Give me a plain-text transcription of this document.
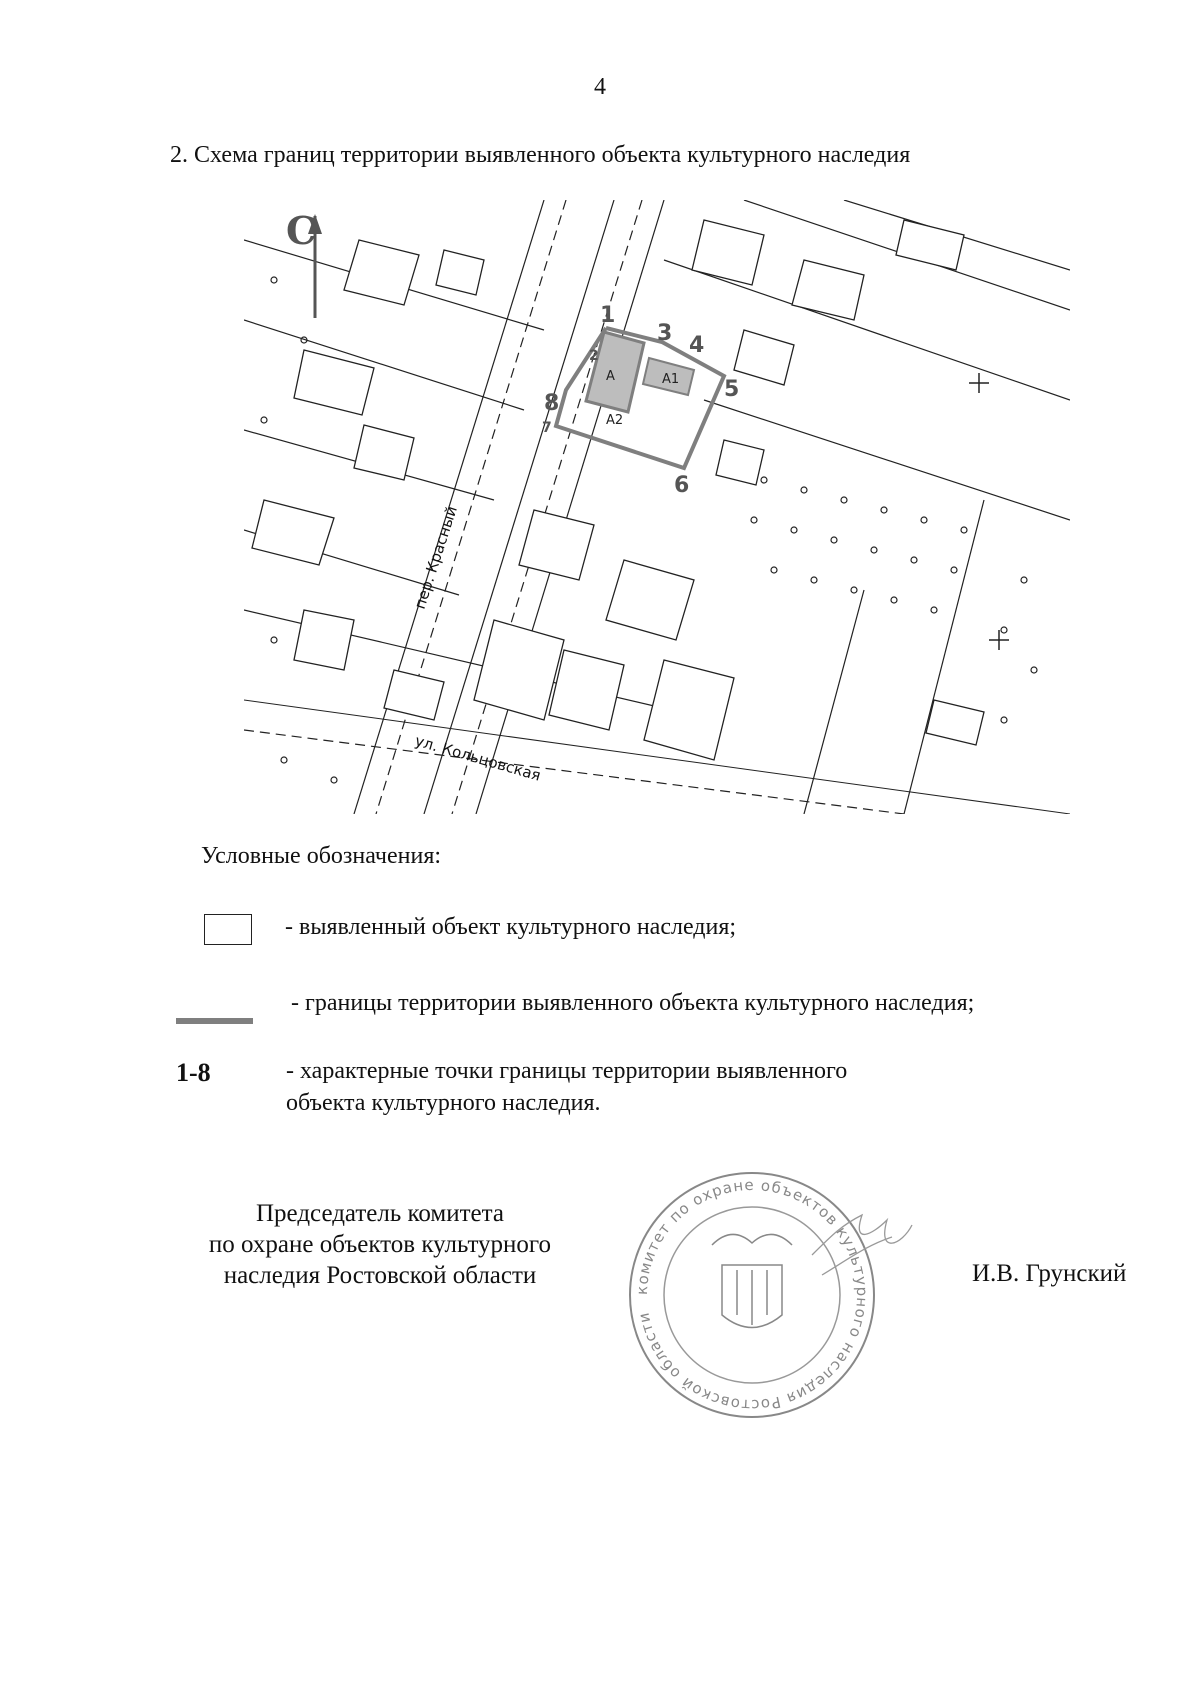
4
2. Схема границ территории выявленного объекта культурного наследия
1
2
3 4
5
6
7
8
А	А1
А2
пер. Красный
ул. Кольцовская
С
Условные обозначения:
- выявленный объект культурного наследия;
- границы территории выявленного объекта культурного наследия;
1-8	- характерные точки границы территории выявленного
объекта культурного наследия.
Председатель комитета
по охране объектов культурного
наследия Ростовской области
комитет по охране объектов культурного наследия Ростовской области
И.В. Грунский
